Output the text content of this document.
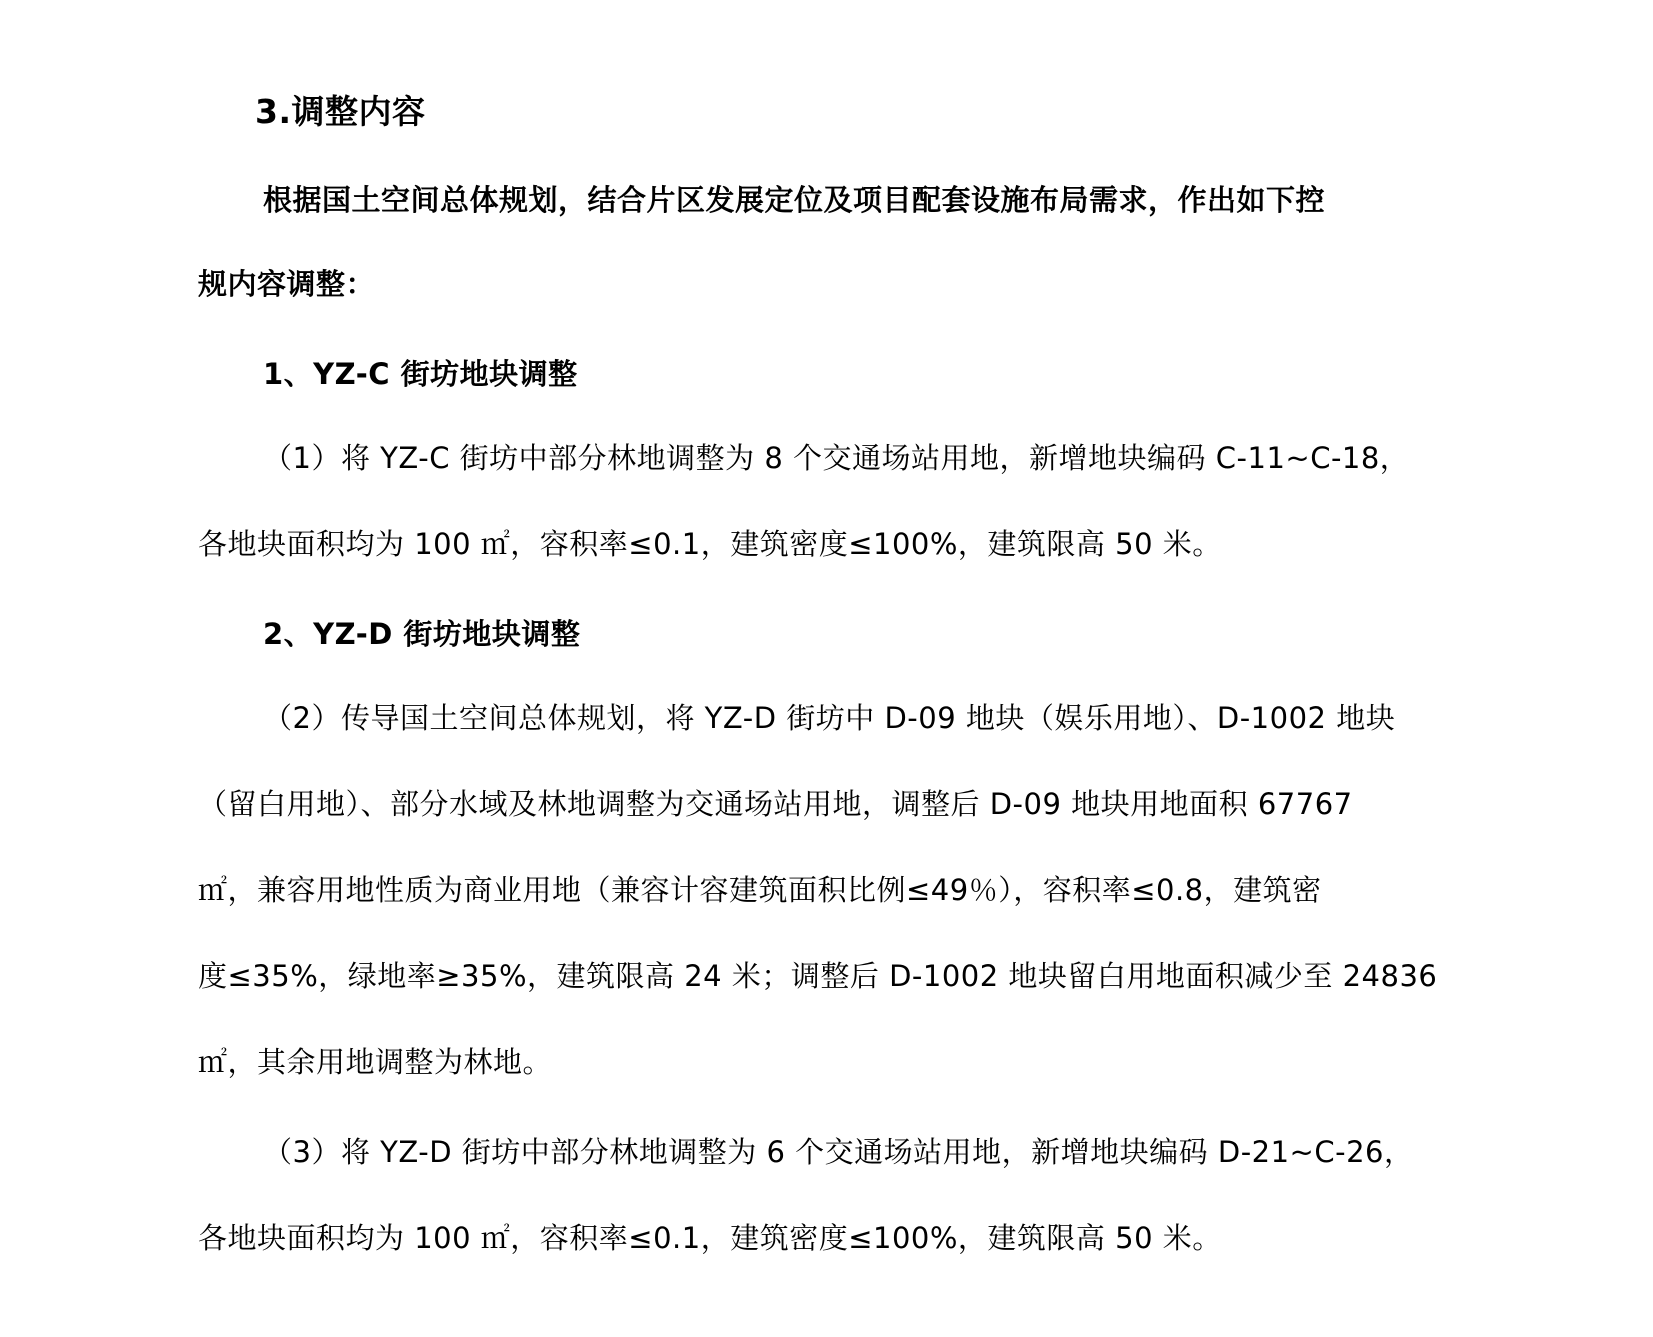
3.调整内容
根据国土空间总体规划，结合片区发展定位及项目配套设施布局需求，作出如下控
规内容调整：
1、YZ-C 街坊地块调整
（1）将 YZ-C 街坊中部分林地调整为 8 个交通场站用地，新增地块编码 C-11~C-18，
各地块面积均为 100 ㎡，容积率≤0.1，建筑密度≤100%，建筑限高 50 米。
2、YZ-D 街坊地块调整
（2）传导国土空间总体规划，将 YZ-D 街坊中 D-09 地块（娱乐用地）、D-1002 地块
（留白用地）、部分水域及林地调整为交通场站用地，调整后 D-09 地块用地面积 67767
㎡，兼容用地性质为商业用地（兼容计容建筑面积比例≤49％），容积率≤0.8，建筑密
度≤35%，绿地率≥35%，建筑限高 24 米；调整后 D-1002 地块留白用地面积减少至 24836
㎡，其余用地调整为林地。
（3）将 YZ-D 街坊中部分林地调整为 6 个交通场站用地，新增地块编码 D-21~C-26，
各地块面积均为 100 ㎡，容积率≤0.1，建筑密度≤100%，建筑限高 50 米。
